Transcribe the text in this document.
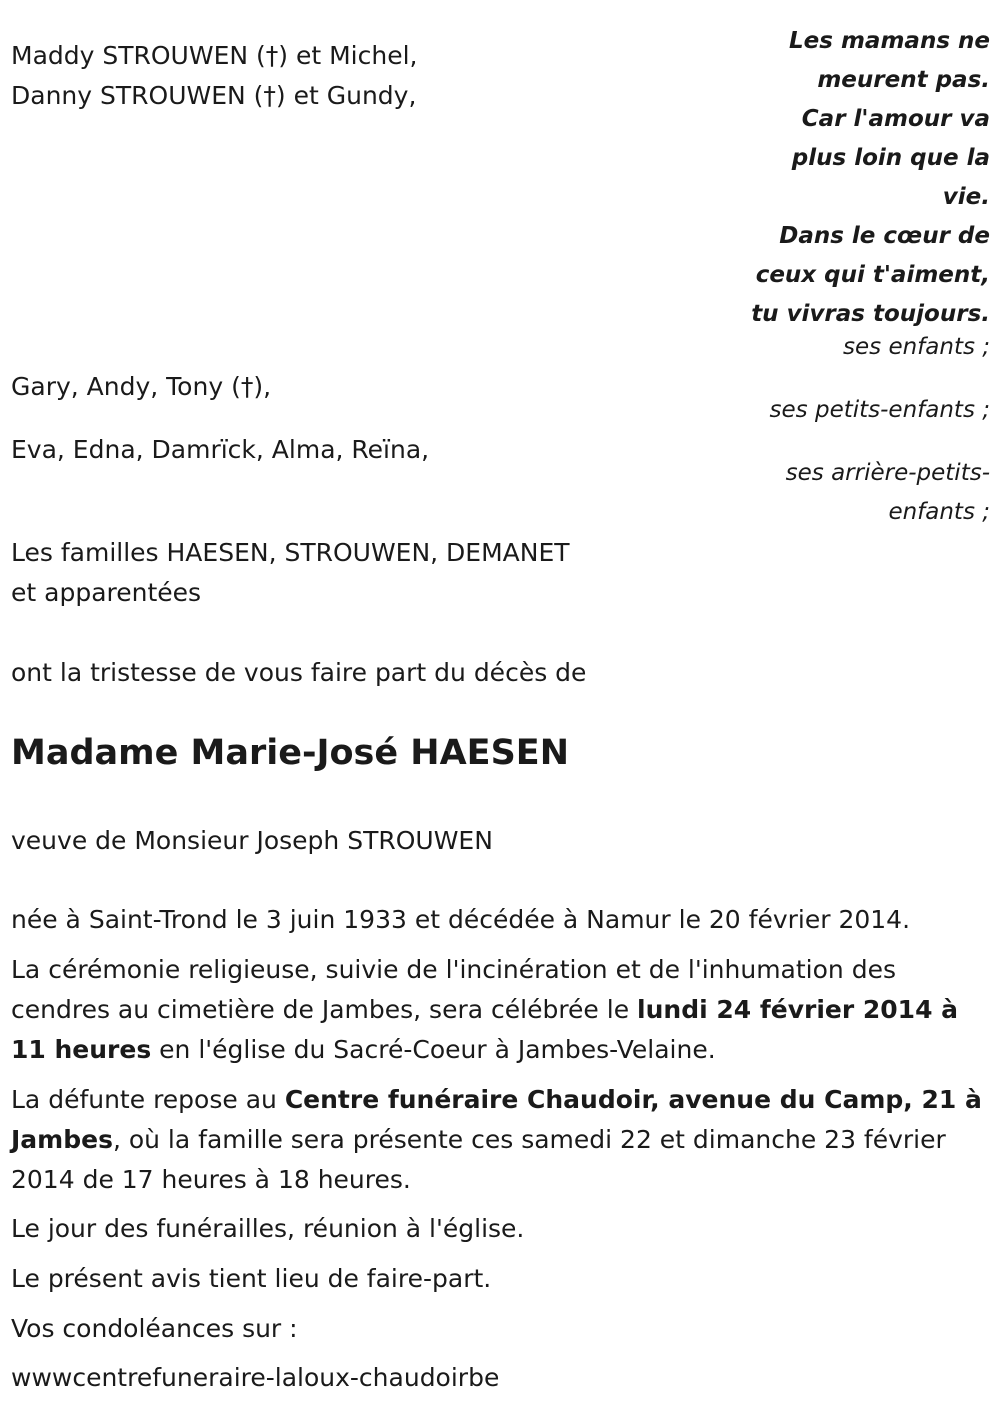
Maddy STROUWEN (†) et Michel,
Danny STROUWEN (†) et Gundy,
Gary, Andy, Tony (†),
Eva, Edna, Damrïck, Alma, Reïna,
Les familles HAESEN, STROUWEN, DEMANET
et apparentées
Les mamans ne
meurent pas.
Car l'amour va
plus loin que la
vie.
Dans le cœur de
ceux qui t'aiment,
tu vivras toujours.
ses enfants ;
ses petits-enfants ;
ses arrière-petits-
enfants ;
ont la tristesse de vous faire part du décès de
Madame Marie-José HAESEN
veuve de Monsieur Joseph STROUWEN
née à Saint-Trond le 3 juin 1933 et décédée à Namur le 20 février 2014.
La cérémonie religieuse, suivie de l'incinération et de l'inhumation des cendres au cimetière de Jambes, sera célébrée le lundi 24 février 2014 à 11 heures en l'église du Sacré-Coeur à Jambes-Velaine.
La défunte repose au Centre funéraire Chaudoir, avenue du Camp, 21 à Jambes, où la famille sera présente ces samedi 22 et dimanche 23 février 2014 de 17 heures à 18 heures.
Le jour des funérailles, réunion à l'église.
Le présent avis tient lieu de faire-part.
Vos condoléances sur :
wwwcentrefuneraire-laloux-chaudoirbe
